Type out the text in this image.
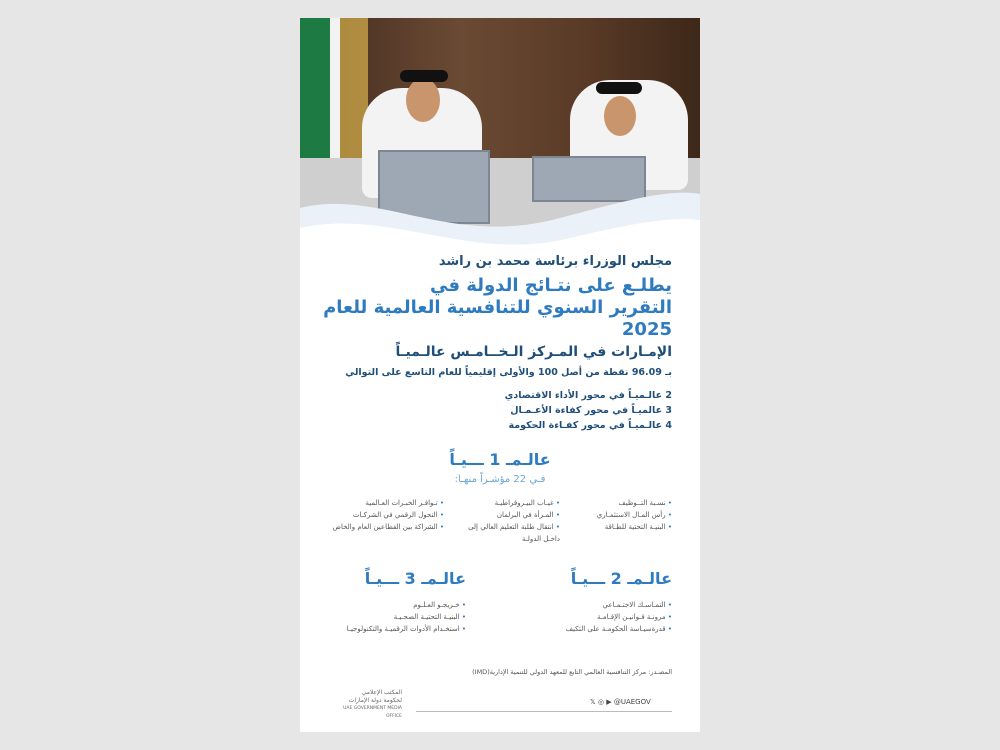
مجلس الوزراء برئاسة محمد بن راشد
يطلـع على نتـائج الدولة في
التقرير السنوي للتنافسية العالمية للعام 2025
الإمـارات في المـركز الـخــامـس عالـميـاً
بـ 96.09 نقطة من أصل 100 والأولى إقليمياً للعام التاسع على التوالي
2 عالـميـاً في محور الأداء الاقتصادي
3 عالميـاً في محور كفاءة الأعـمـال
4 عالـميـاً في محور كفـاءة الحكومة
عالـمـ 1 ـــيـاً
فـي 22 مؤشـراً منهـا:
• نسـبة التــوظيف
• رأس المـال الاستثمـاري
• البنيـة التحتية للطـاقة
• غيـاب البيـروقراطيـة
• المـرأة في البرلمان
• انتقال طلبة التعليم العالي إلى داخـل الدولـة
• تـوافـر الخبـرات العـالمية
• التحول الرقمي في الشركـات
• الشراكة بين القطاعين العام والخاص
عالـمـ 2 ـــيـاً
• التمـاسـك الاجتـمـاعي
• مرونـة قـوانيـن الإقـامـة
• قدرةسيـاسة الحكومـة على التكيف
عالـمـ 3 ـــيـاً
• خـريجـو العـلـوم
• البنيـة التحتيـة الصحـيـة
• استخـدام الأدوات الرقميـة والتكنولوجيـا
المصـدر: مركز التنافسية العالمي التابع للمعهد الدولي للتنمية الإدارية(IMD)
المكتب الإعلامي
لحكومة دولة الإمارات
UAE GOVERNMENT MEDIA OFFICE
𝕏 ◎ ▶ @UAEGOV
